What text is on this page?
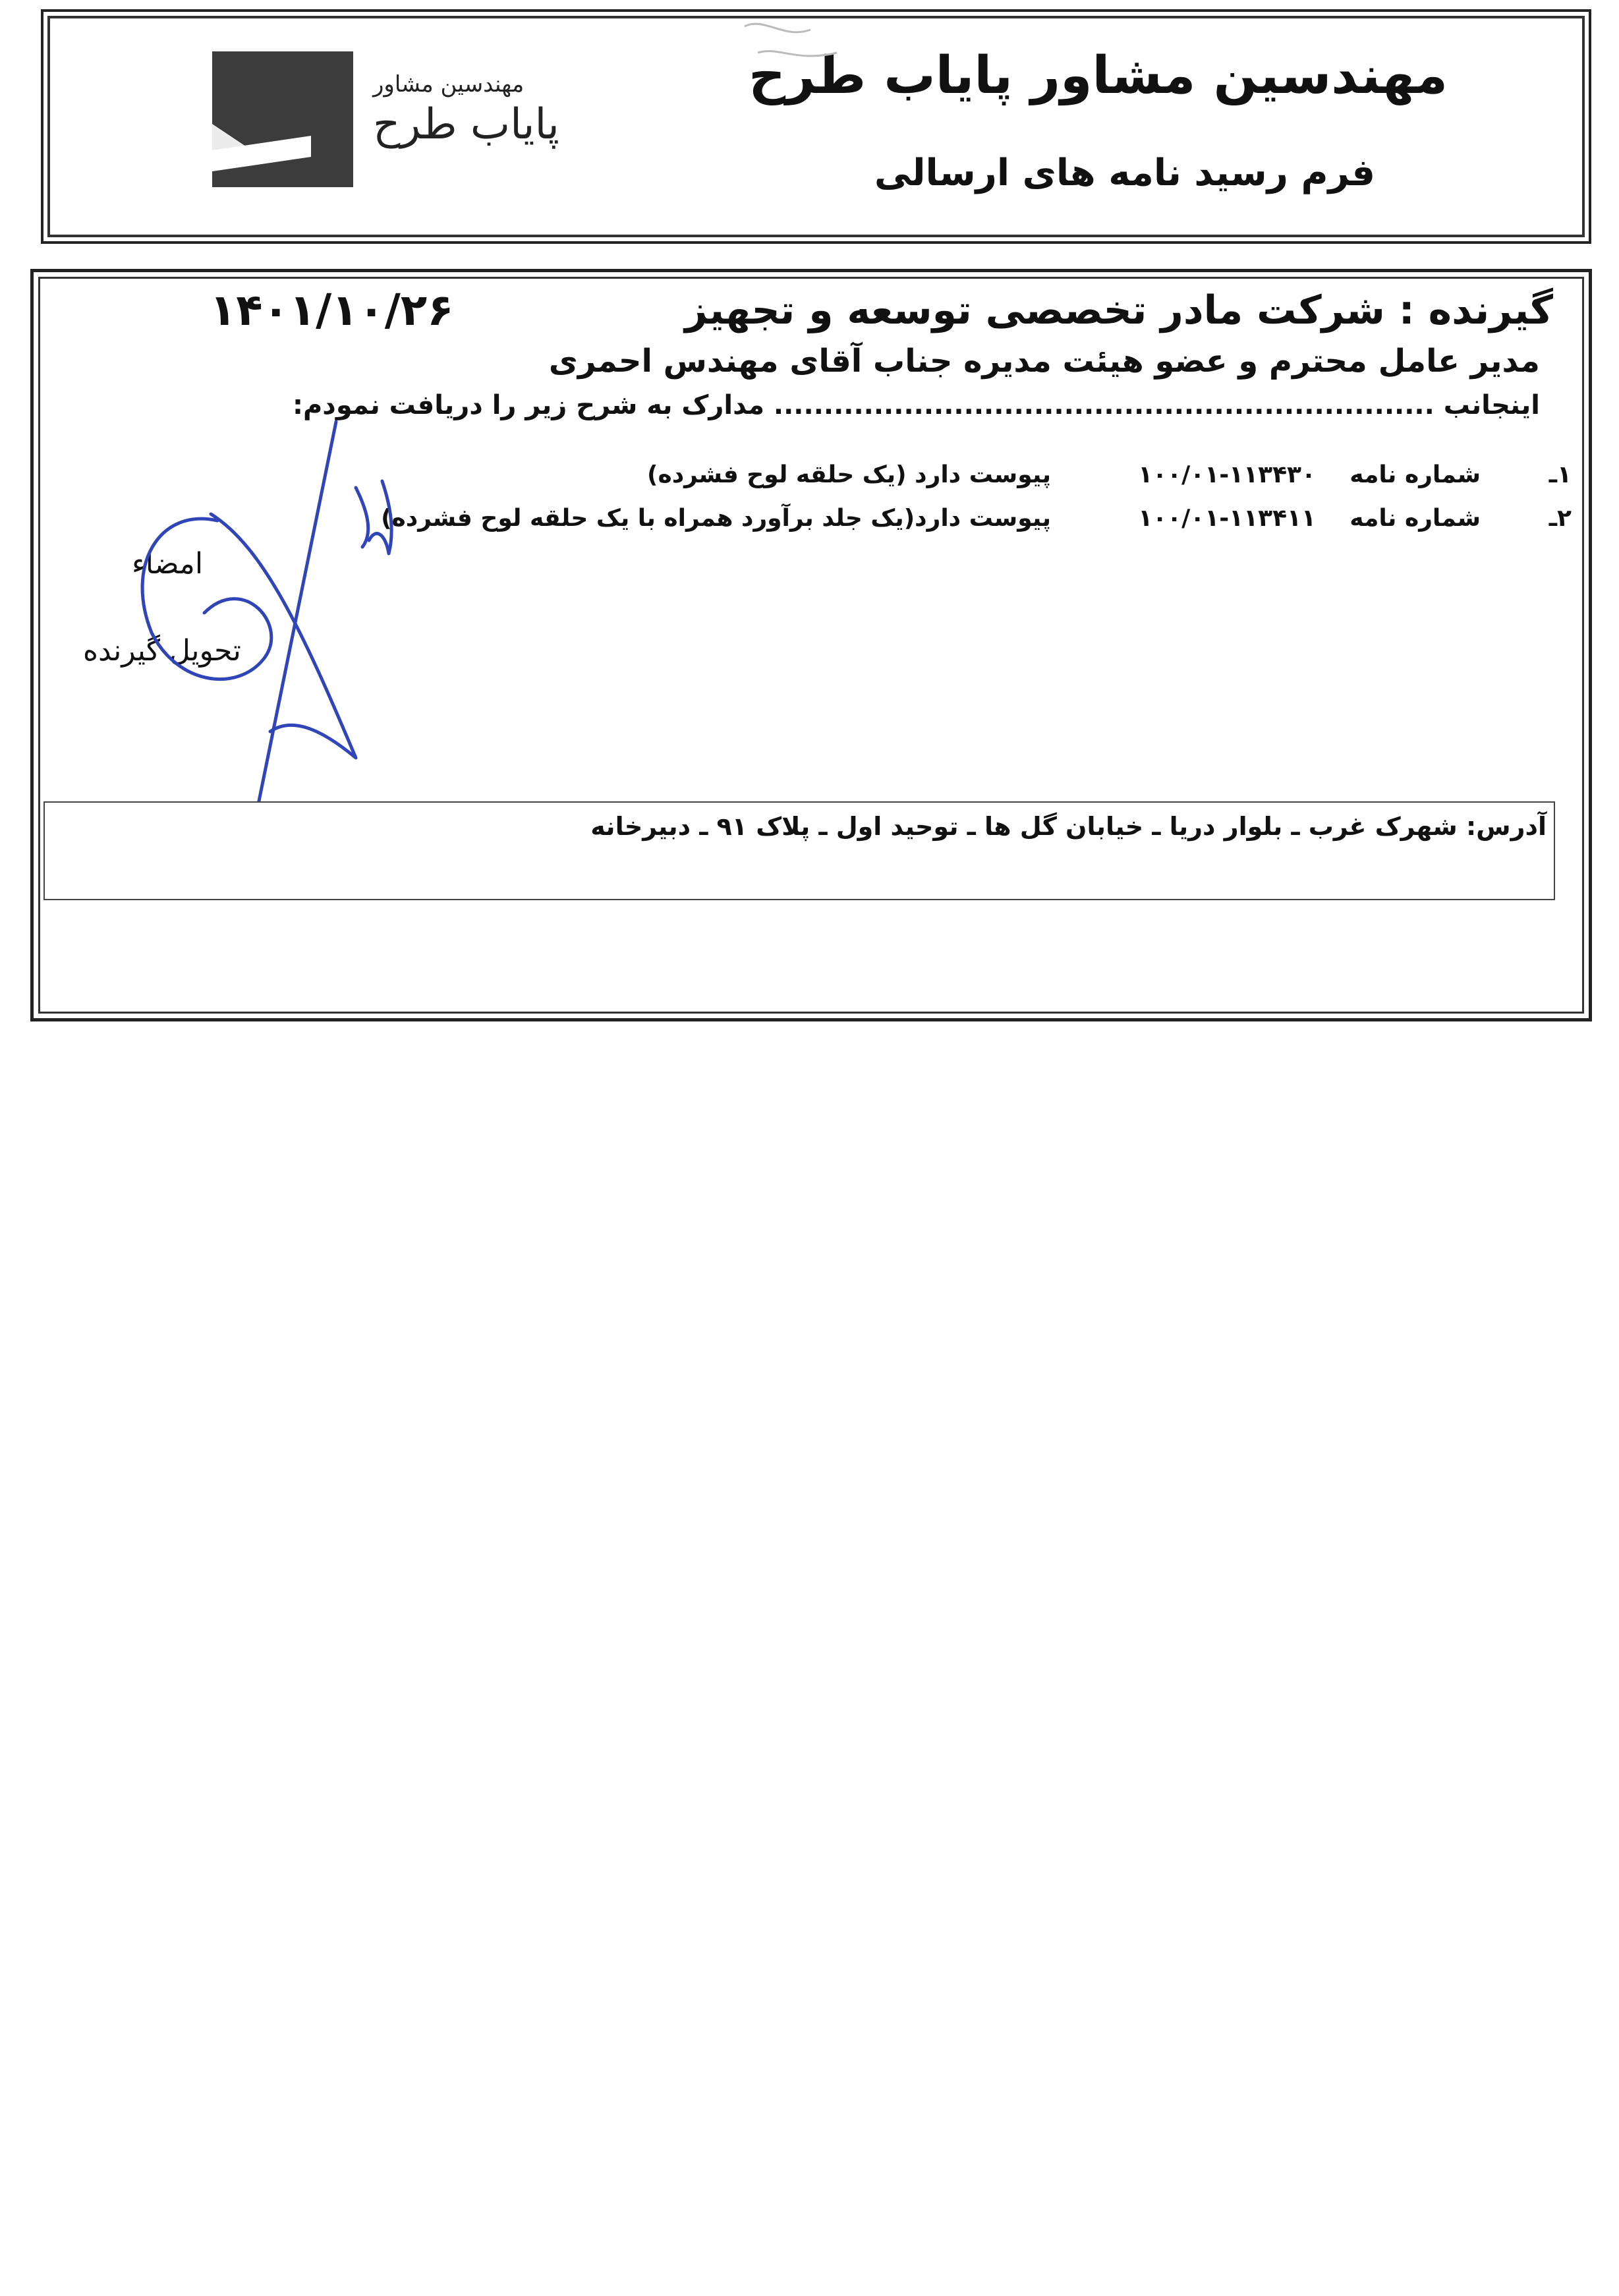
مهندسین مشاور پایاب طرح
فرم رسید نامه های ارسالی
مهندسین مشاور
پایاب طرح
۱۴۰۱/۱۰/۲۶	گیرنده : شرکت مادر تخصصی توسعه و تجهیز
مدیر عامل محترم و عضو هیئت مدیره جناب آقای مهندس احمری
اینجانب .................................................................. مدارک به شرح زیر را دریافت نمودم:
۱ـ
شماره نامه
۱۰۰/۰۱-۱۱۳۴۳۰
پیوست دارد (یک حلقه لوح فشرده)
۲ـ
شماره نامه
۱۰۰/۰۱-۱۱۳۴۱۱
پیوست دارد(یک جلد برآورد همراه با یک حلقه لوح فشرده)
امضاء
تحویل گیرنده
آدرس: شهرک غرب ـ بلوار دریا ـ خیابان گل ها ـ توحید اول ـ پلاک ۹۱ ـ دبیرخانه
